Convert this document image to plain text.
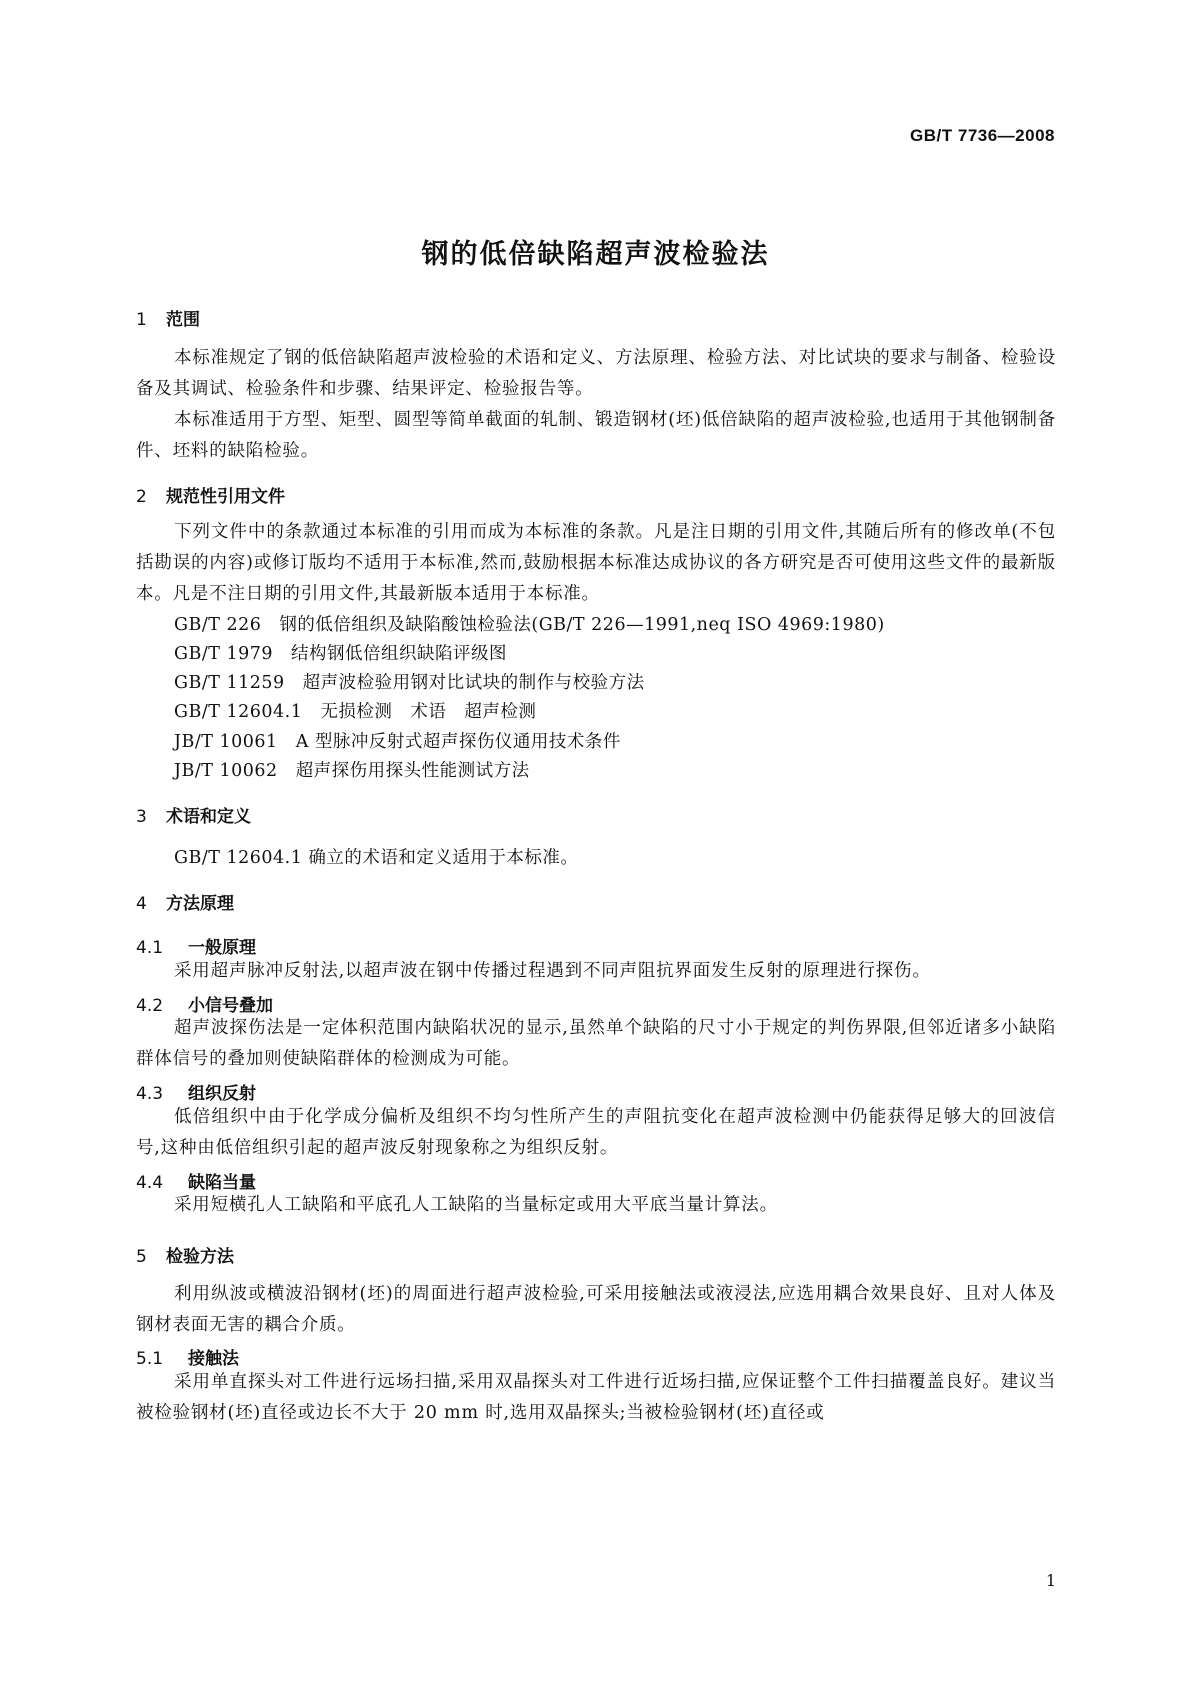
GB/T 7736—2008
钢的低倍缺陷超声波检验法
1 范围
本标准规定了钢的低倍缺陷超声波检验的术语和定义、方法原理、检验方法、对比试块的要求与制备、检验设备及其调试、检验条件和步骤、结果评定、检验报告等。
本标准适用于方型、矩型、圆型等简单截面的轧制、锻造钢材(坯)低倍缺陷的超声波检验,也适用于其他钢制备件、坯料的缺陷检验。
2 规范性引用文件
下列文件中的条款通过本标准的引用而成为本标准的条款。凡是注日期的引用文件,其随后所有的修改单(不包括勘误的内容)或修订版均不适用于本标准,然而,鼓励根据本标准达成协议的各方研究是否可使用这些文件的最新版本。凡是不注日期的引用文件,其最新版本适用于本标准。
GB/T 226 钢的低倍组织及缺陷酸蚀检验法(GB/T 226—1991,neq ISO 4969:1980)
GB/T 1979 结构钢低倍组织缺陷评级图
GB/T 11259 超声波检验用钢对比试块的制作与校验方法
GB/T 12604.1 无损检测　术语　超声检测
JB/T 10061 A 型脉冲反射式超声探伤仪通用技术条件
JB/T 10062 超声探伤用探头性能测试方法
3 术语和定义
GB/T 12604.1 确立的术语和定义适用于本标准。
4 方法原理
4.1 一般原理
采用超声脉冲反射法,以超声波在钢中传播过程遇到不同声阻抗界面发生反射的原理进行探伤。
4.2 小信号叠加
超声波探伤法是一定体积范围内缺陷状况的显示,虽然单个缺陷的尺寸小于规定的判伤界限,但邻近诸多小缺陷群体信号的叠加则使缺陷群体的检测成为可能。
4.3 组织反射
低倍组织中由于化学成分偏析及组织不均匀性所产生的声阻抗变化在超声波检测中仍能获得足够大的回波信号,这种由低倍组织引起的超声波反射现象称之为组织反射。
4.4 缺陷当量
采用短横孔人工缺陷和平底孔人工缺陷的当量标定或用大平底当量计算法。
5 检验方法
利用纵波或横波沿钢材(坯)的周面进行超声波检验,可采用接触法或液浸法,应选用耦合效果良好、且对人体及钢材表面无害的耦合介质。
5.1 接触法
采用单直探头对工件进行远场扫描,采用双晶探头对工件进行近场扫描,应保证整个工件扫描覆盖良好。建议当被检验钢材(坯)直径或边长不大于 20 mm 时,选用双晶探头;当被检验钢材(坯)直径或
1
